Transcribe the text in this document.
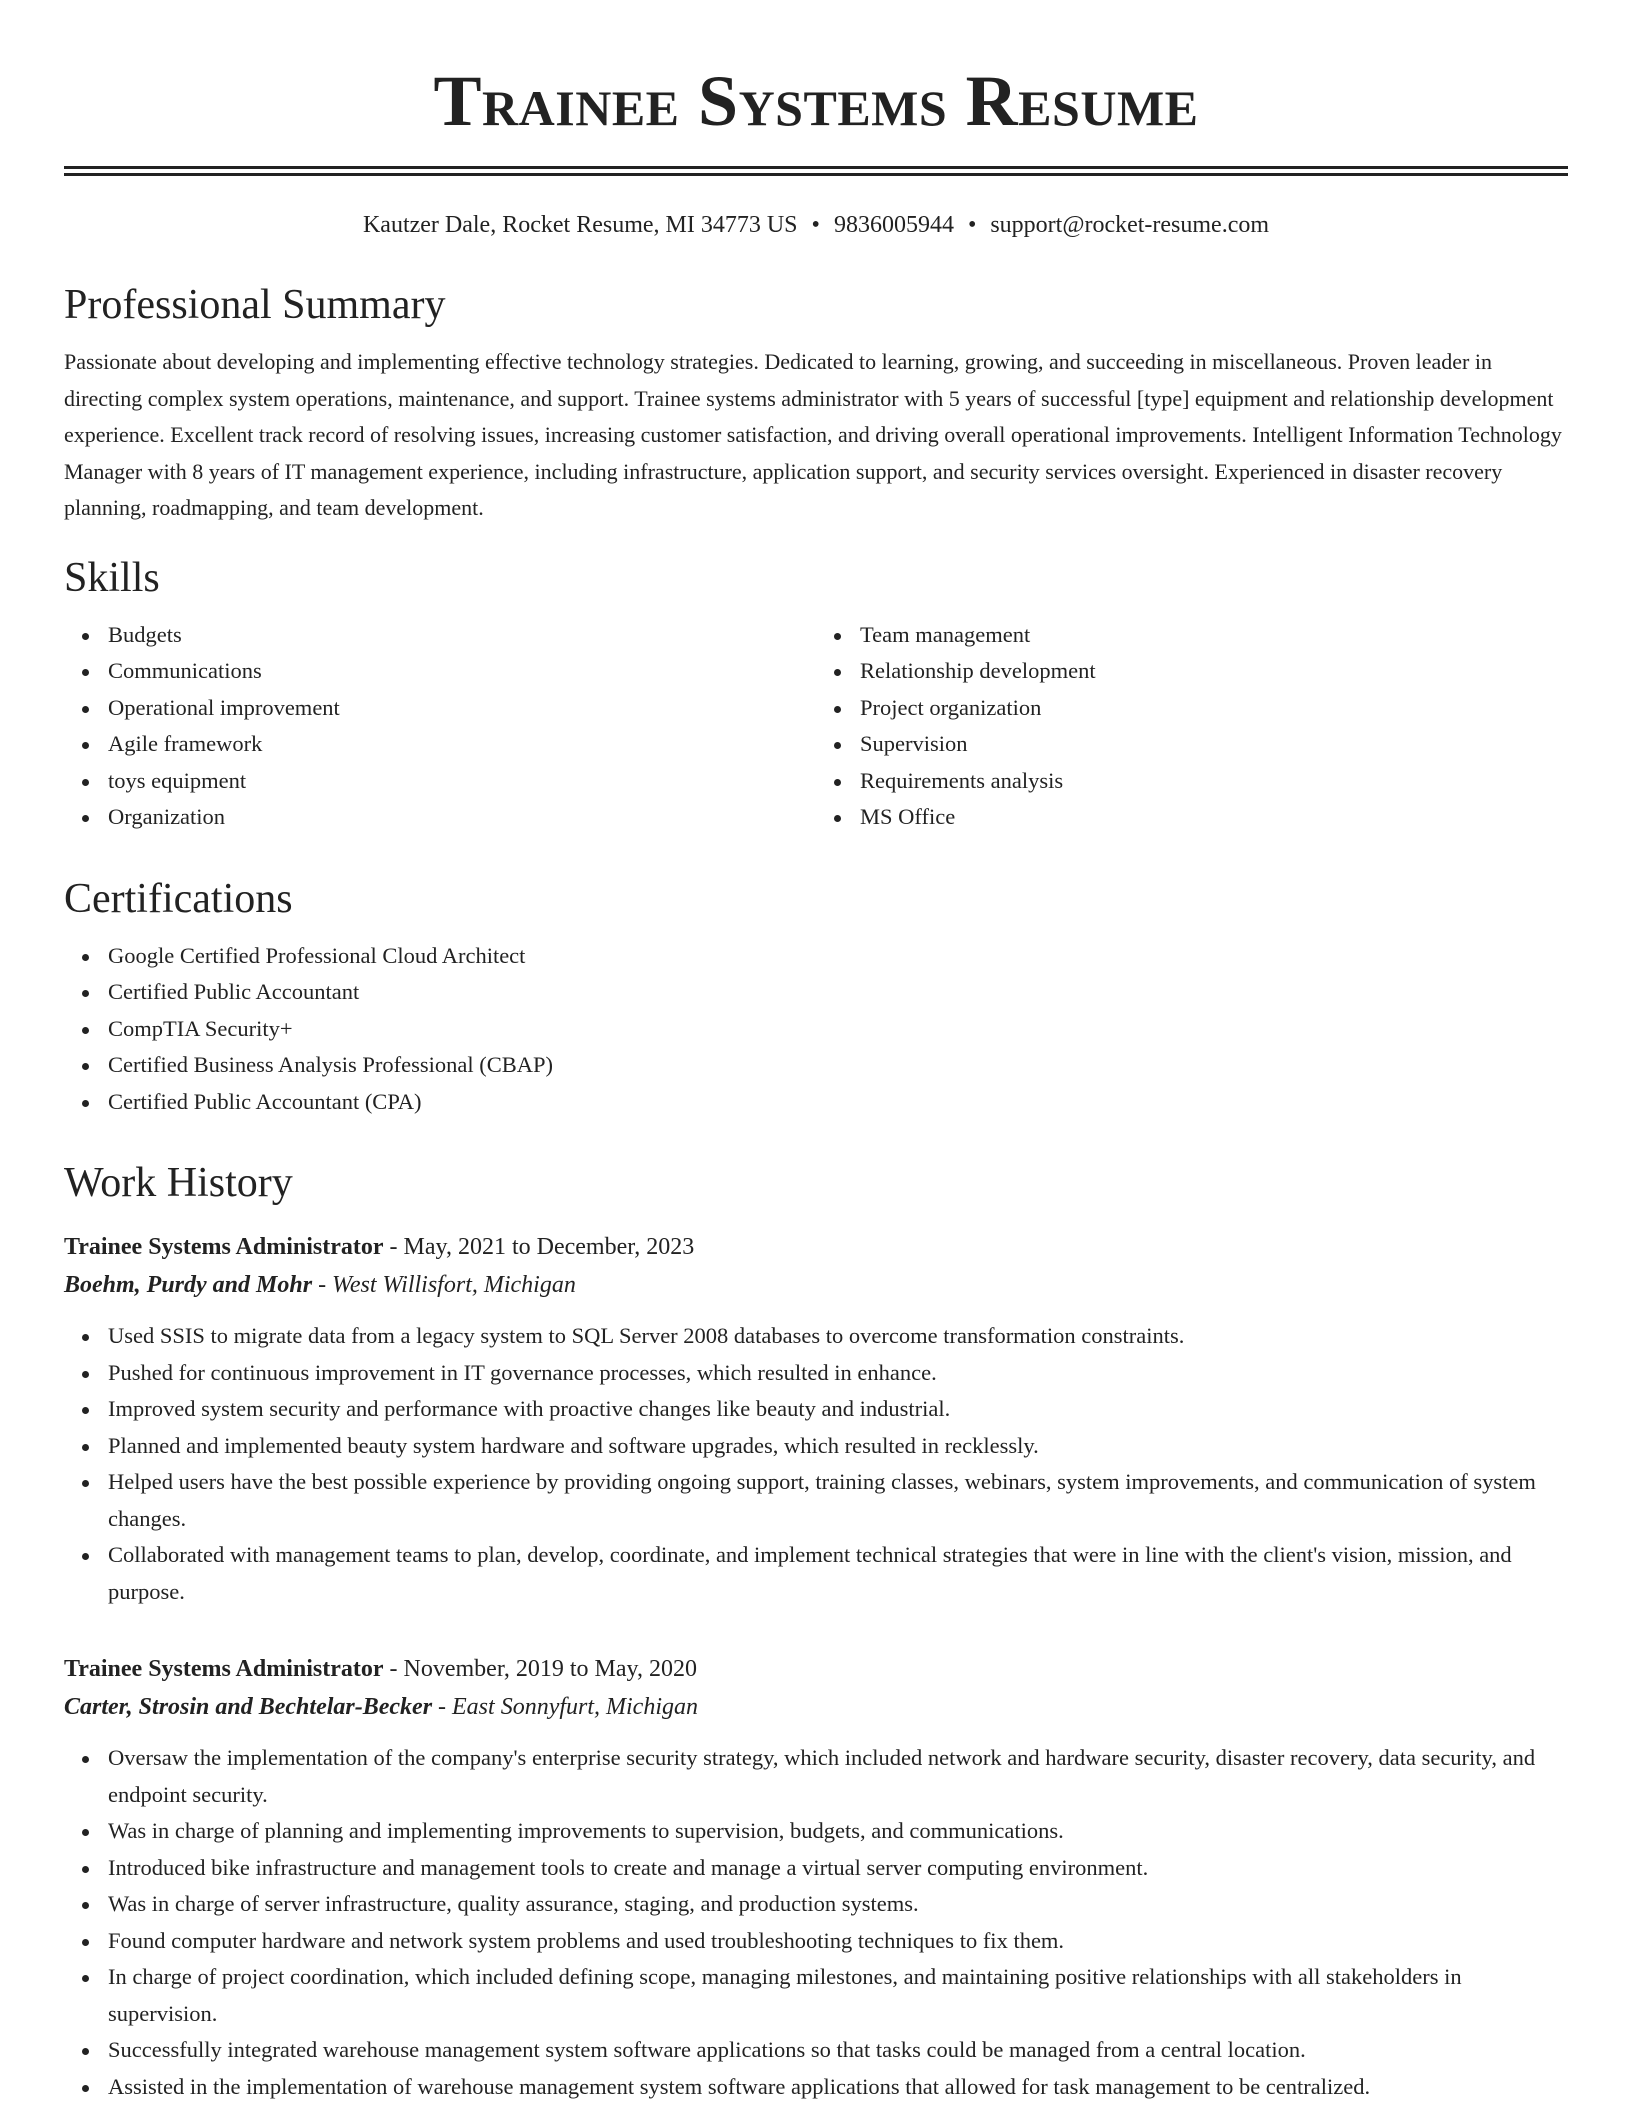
Trainee Systems Resume
Kautzer Dale, Rocket Resume, MI 34773 US • 9836005944 • support@rocket-resume.com
Professional Summary

Passionate about developing and implementing effective technology strategies. Dedicated to learning, growing, and succeeding in miscellaneous. Proven leader in directing complex system operations, maintenance, and support. Trainee systems administrator with 5 years of successful [type] equipment and relationship development experience. Excellent track record of resolving issues, increasing customer satisfaction, and driving overall operational improvements. Intelligent Information Technology Manager with 8 years of IT management experience, including infrastructure, application support, and security services oversight. Experienced in disaster recovery planning, roadmapping, and team development.

Skills
Budgets
Communications
Operational improvement
Agile framework
toys equipment
Organization
Team management
Relationship development
Project organization
Supervision
Requirements analysis
MS Office
Certifications
Google Certified Professional Cloud Architect
Certified Public Accountant
CompTIA Security+
Certified Business Analysis Professional (CBAP)
Certified Public Accountant (CPA)
Work History
Trainee Systems Administrator - May, 2021 to December, 2023
Boehm, Purdy and Mohr - West Willisfort, Michigan
Used SSIS to migrate data from a legacy system to SQL Server 2008 databases to overcome transformation constraints.
Pushed for continuous improvement in IT governance processes, which resulted in enhance.
Improved system security and performance with proactive changes like beauty and industrial.
Planned and implemented beauty system hardware and software upgrades, which resulted in recklessly.
Helped users have the best possible experience by providing ongoing support, training classes, webinars, system improvements, and communication of system changes.
Collaborated with management teams to plan, develop, coordinate, and implement technical strategies that were in line with the client's vision, mission, and purpose.
Trainee Systems Administrator - November, 2019 to May, 2020
Carter, Strosin and Bechtelar-Becker - East Sonnyfurt, Michigan
Oversaw the implementation of the company's enterprise security strategy, which included network and hardware security, disaster recovery, data security, and endpoint security.
Was in charge of planning and implementing improvements to supervision, budgets, and communications.
Introduced bike infrastructure and management tools to create and manage a virtual server computing environment.
Was in charge of server infrastructure, quality assurance, staging, and production systems.
Found computer hardware and network system problems and used troubleshooting techniques to fix them.
In charge of project coordination, which included defining scope, managing milestones, and maintaining positive relationships with all stakeholders in supervision.
Successfully integrated warehouse management system software applications so that tasks could be managed from a central location.
Assisted in the implementation of warehouse management system software applications that allowed for task management to be centralized.
